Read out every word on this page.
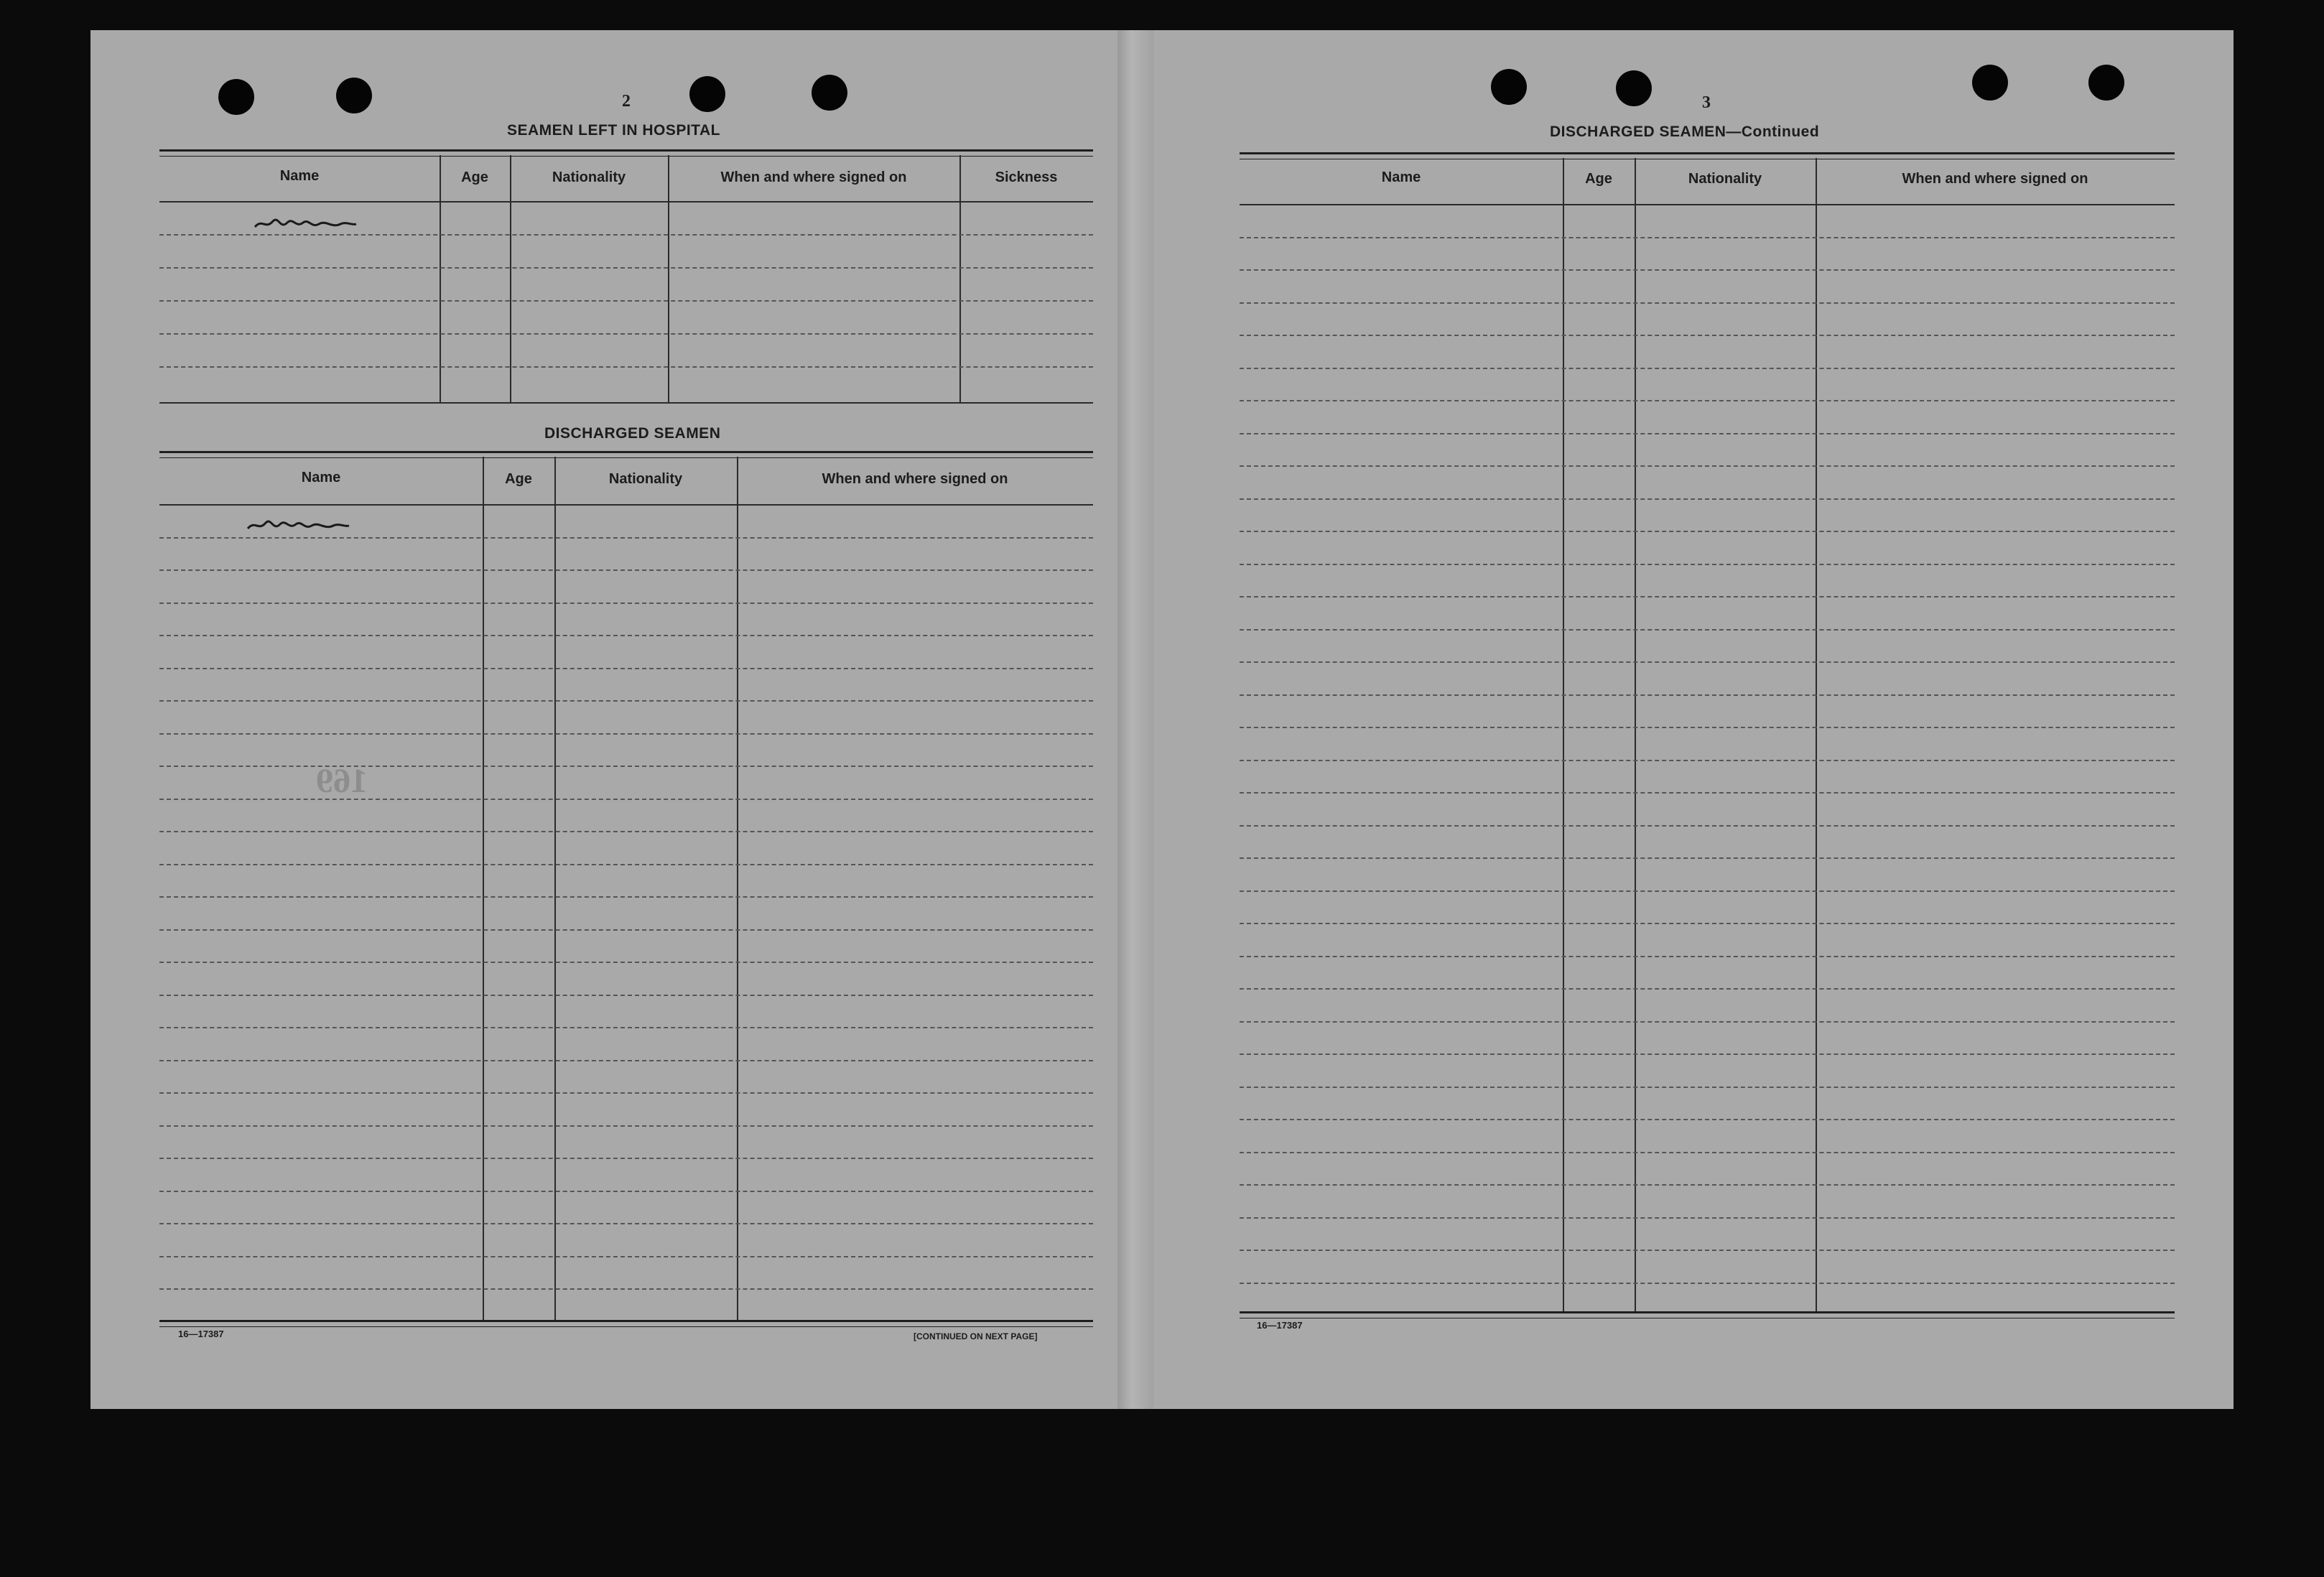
169
2
SEAMEN LEFT IN HOSPITAL
Name	Age	Nationality	When and where signed on	Sickness
DISCHARGED SEAMEN
Name	Age	Nationality	When and where signed on
16—17387	[CONTINUED ON NEXT PAGE]
3
DISCHARGED SEAMEN—Continued
Name	Age	Nationality	When and where signed on
16—17387
